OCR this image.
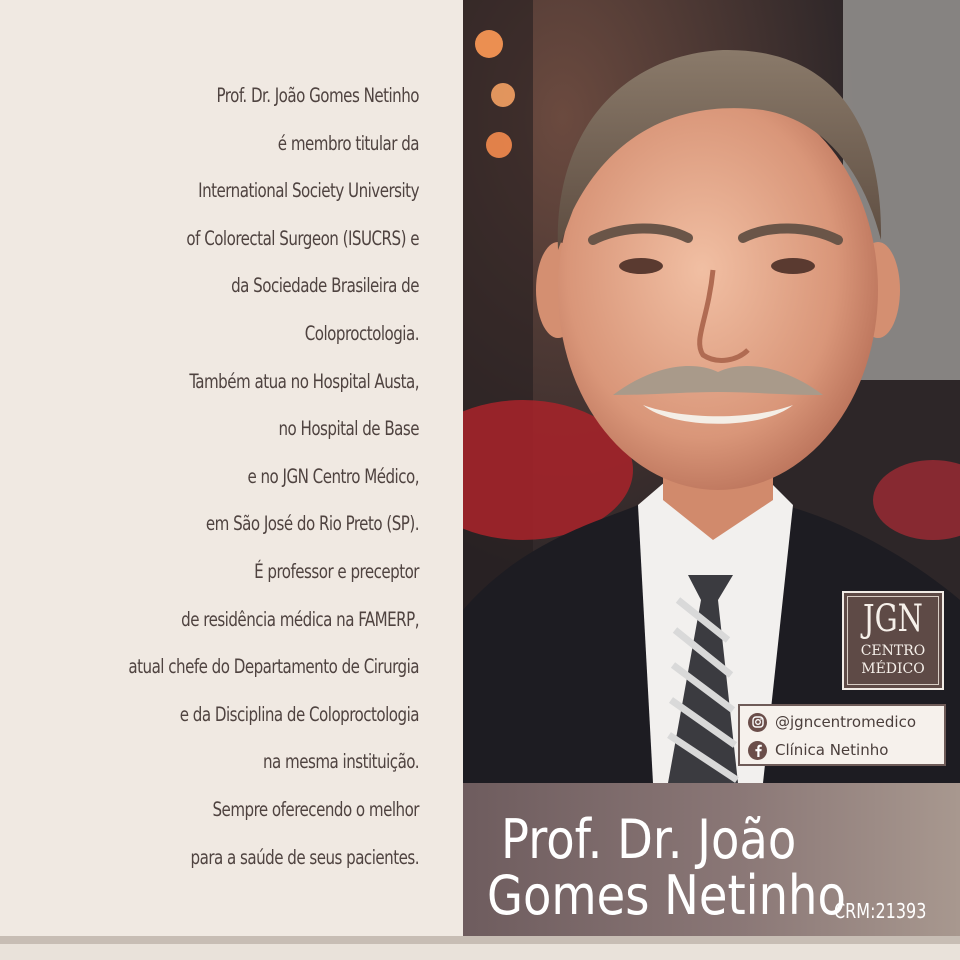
Prof. Dr. João Gomes Netinho
é membro titular da
International Society University
of Colorectal Surgeon (ISUCRS) e
da Sociedade Brasileira de
Coloproctologia.
Também atua no Hospital Austa,
no Hospital de Base
e no JGN Centro Médico,
em São José do Rio Preto (SP).
É professor e preceptor
de residência médica na FAMERP,
atual chefe do Departamento de Cirurgia
e da Disciplina de Coloproctologia
na mesma instituição.
Sempre oferecendo o melhor
para a saúde de seus pacientes.
JGN
CENTRO
MÉDICO
@jgncentromedico
Clínica Netinho
Prof. Dr. João
Gomes Netinho
CRM:21393
